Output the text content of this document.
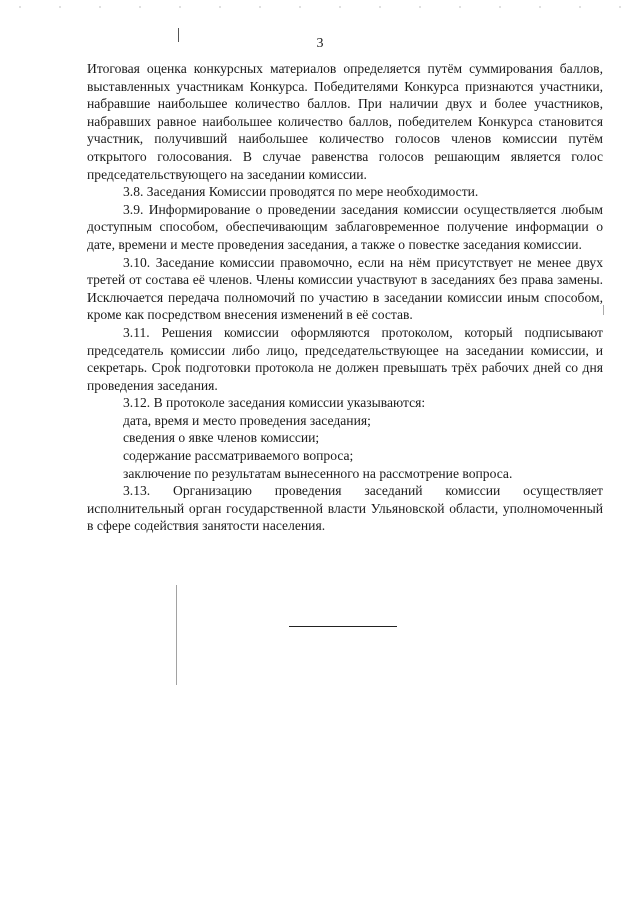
3

Итоговая оценка конкурсных материалов определяется путём суммирования баллов, выставленных участникам Конкурса. Победителями Конкурса признаются участники, набравшие наибольшее количество баллов. При наличии двух и более участников, набравших равное наибольшее количество баллов, победителем Конкурса становится участник, получивший наибольшее количество голосов членов комиссии путём открытого голосования. В случае равенства голосов решающим является голос председательствующего на заседании комиссии.

3.8. Заседания Комиссии проводятся по мере необходимости.

3.9. Информирование о проведении заседания комиссии осуществляется любым доступным способом, обеспечивающим заблаговременное получение информации о дате, времени и месте проведения заседания, а также о повестке заседания комиссии.

3.10. Заседание комиссии правомочно, если на нём присутствует не менее двух третей от состава её членов. Члены комиссии участвуют в заседаниях без права замены. Исключается передача полномочий по участию в заседании комиссии иным способом, кроме как посредством внесения изменений в её состав.

3.11. Решения комиссии оформляются протоколом, который подписывают председатель комиссии либо лицо, председательствующее на заседании комиссии, и секретарь. Срок подготовки протокола не должен превышать трёх рабочих дней со дня проведения заседания.

3.12. В протоколе заседания комиссии указываются:

дата, время и место проведения заседания;

сведения о явке членов комиссии;

содержание рассматриваемого вопроса;

заключение по результатам вынесенного на рассмотрение вопроса.

3.13. Организацию проведения заседаний комиссии осуществляет исполнительный орган государственной власти Ульяновской области, уполномоченный в сфере содействия занятости населения.
